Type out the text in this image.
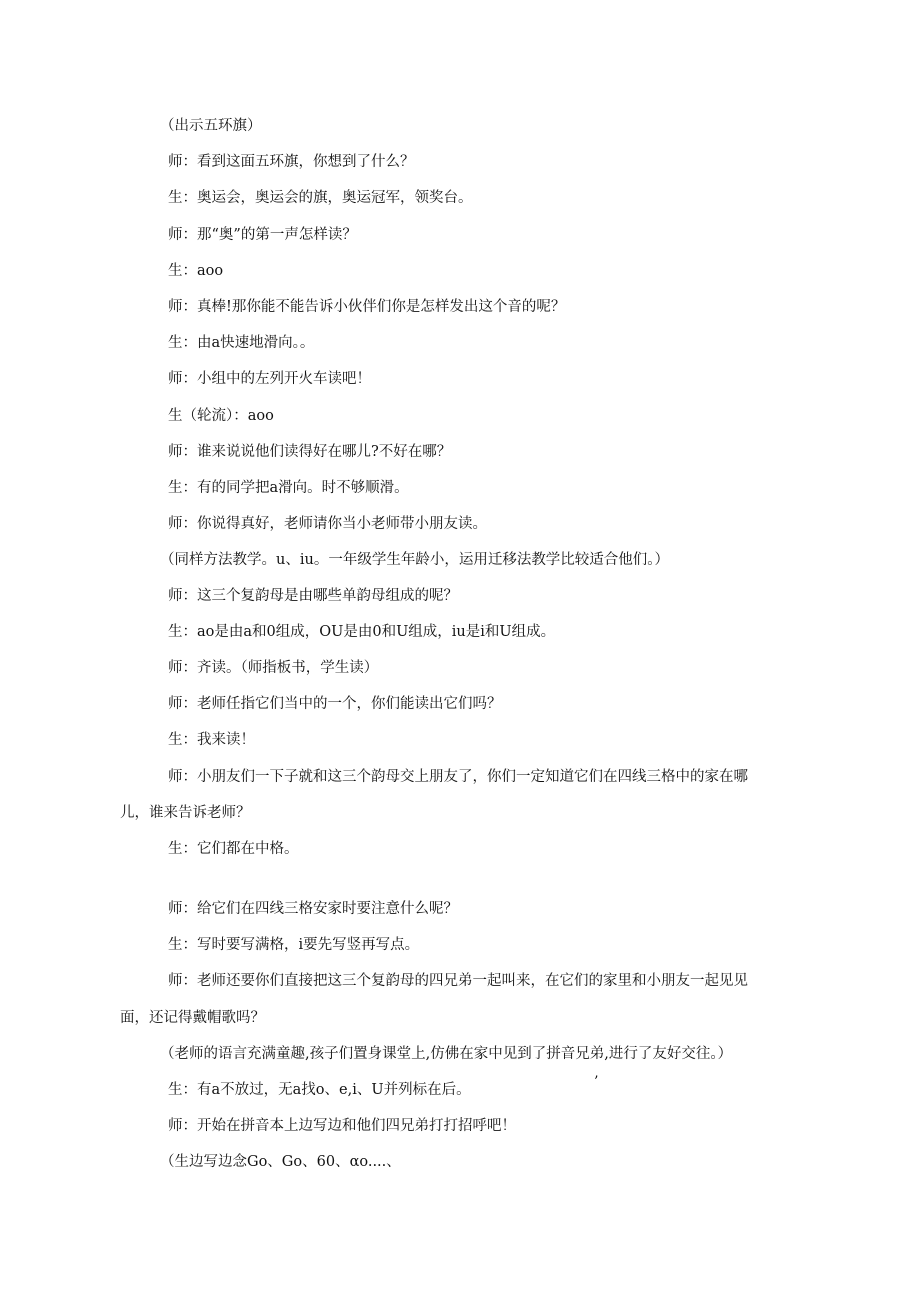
（出示五环旗）
师：看到这面五环旗，你想到了什么？
生：奥运会，奥运会的旗，奥运冠军，领奖台。
师：那“奥”的第一声怎样读？
生：aoo
师：真棒!那你能不能告诉小伙伴们你是怎样发出这个音的呢？
生：由a快速地滑向。。
师：小组中的左列开火车读吧！
生（轮流）：aoo
师：谁来说说他们读得好在哪儿?不好在哪？
生：有的同学把a滑向。时不够顺滑。
师：你说得真好，老师请你当小老师带小朋友读。
（同样方法教学。u、iu。一年级学生年龄小，运用迁移法教学比较适合他们。）
师：这三个复韵母是由哪些单韵母组成的呢？
生：ao是由a和0组成，OU是由0和U组成，iu是i和U组成。
师：齐读。（师指板书，学生读）
师：老师任指它们当中的一个，你们能读出它们吗？
生：我来读！
师：小朋友们一下子就和这三个韵母交上朋友了，你们一定知道它们在四线三格中的家在哪
儿，谁来告诉老师？
生：它们都在中格。
师：给它们在四线三格安家时要注意什么呢？
生：写时要写满格，i要先写竖再写点。
师：老师还要你们直接把这三个复韵母的四兄弟一起叫来，在它们的家里和小朋友一起见见
面，还记得戴帽歌吗？
（老师的语言充满童趣,孩子们置身课堂上,仿佛在家中见到了拼音兄弟,进行了友好交往。）
生：有a不放过，无a找o、e,i、U并列标在后。	’
师：开始在拼音本上边写边和他们四兄弟打打招呼吧！
（生边写边念Go、Go、60、αo....、
